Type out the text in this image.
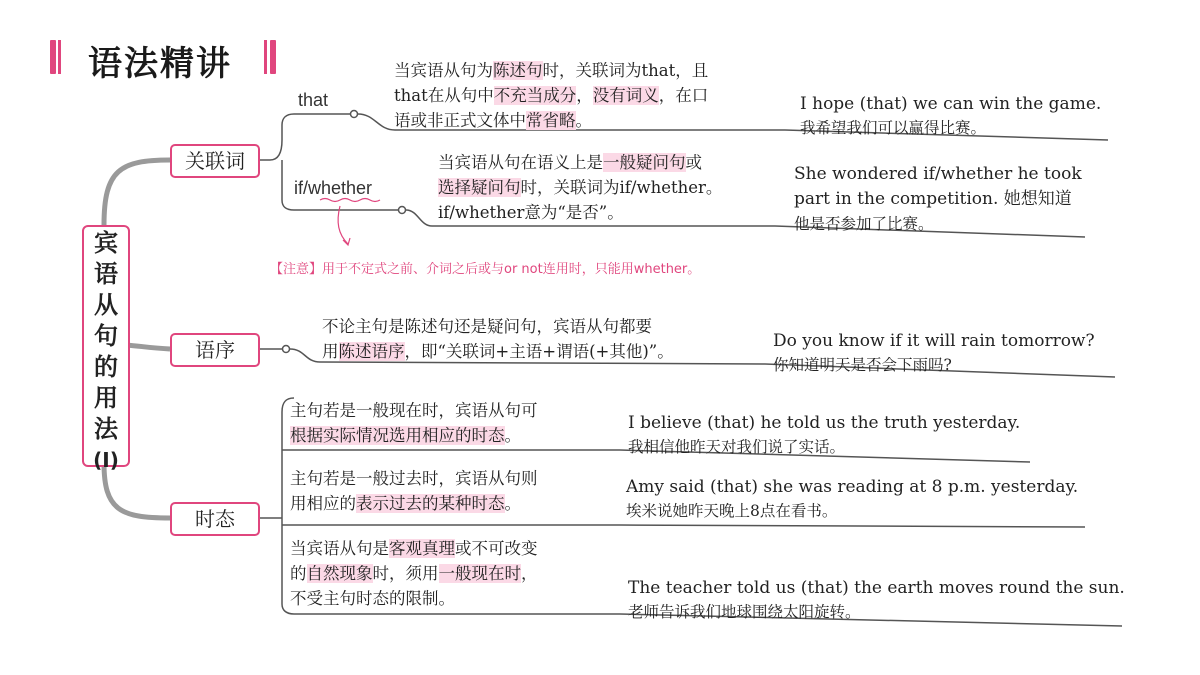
语法精讲
宾
语
从
句
的
用
法
(Ⅰ)
关联词
语序
时态
that
if/whether
当宾语从句为陈述句时，关联词为that，且
that在从句中不充当成分，没有词义，在口
语或非正式文体中常省略。
I hope (that) we can win the game.
我希望我们可以赢得比赛。
当宾语从句在语义上是一般疑问句或
选择疑问句时，关联词为if/whether。
if/whether意为“是否”。
She wondered if/whether he took
part in the competition. 她想知道
他是否参加了比赛。
【注意】用于不定式之前、介词之后或与or not连用时，只能用whether。
不论主句是陈述句还是疑问句，宾语从句都要
用陈述语序，即“关联词+主语+谓语(+其他)”。
Do you know if it will rain tomorrow?
你知道明天是否会下雨吗?
主句若是一般现在时，宾语从句可
根据实际情况选用相应的时态。
I believe (that) he told us the truth yesterday.
我相信他昨天对我们说了实话。
主句若是一般过去时，宾语从句则
用相应的表示过去的某种时态。
Amy said (that) she was reading at 8 p.m. yesterday.
埃米说她昨天晚上8点在看书。
当宾语从句是客观真理或不可改变
的自然现象时，须用一般现在时，
不受主句时态的限制。
The teacher told us (that) the earth moves round the sun.
老师告诉我们地球围绕太阳旋转。
